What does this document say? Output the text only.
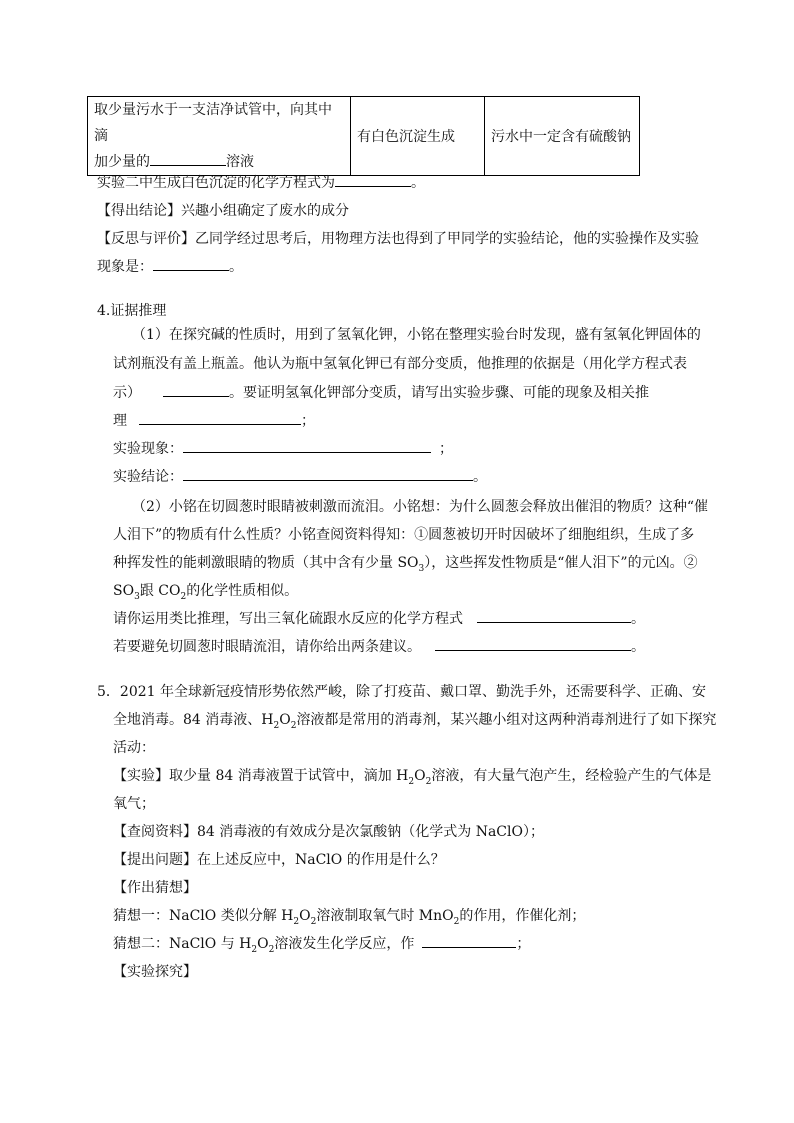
取少量污水于一支洁净试管中，向其中滴
加少量的	溶液
	有白色沉淀生成	污水中一定含有硫酸钠
实验二中生成白色沉淀的化学方程式为	。
【得出结论】兴趣小组确定了废水的成分
【反思与评价】乙同学经过思考后，用物理方法也得到了甲同学的实验结论，他的实验操作及实验
现象是：	。
4.证据推理
（1）在探究碱的性质时，用到了氢氧化钾，小铭在整理实验台时发现，盛有氢氧化钾固体的
试剂瓶没有盖上瓶盖。他认为瓶中氢氧化钾已有部分变质，他推理的依据是（用化学方程式表
示）	。要证明氢氧化钾部分变质，请写出实验步骤、可能的现象及相关推
理	；
实验现象：	；
实验结论：	。
（2）小铭在切圆葱时眼睛被刺激而流泪。小铭想：为什么圆葱会释放出催泪的物质？这种“催
人泪下”的物质有什么性质？小铭查阅资料得知：①圆葱被切开时因破坏了细胞组织，生成了多
种挥发性的能刺激眼睛的物质（其中含有少量 $SO_3$），这些挥发性物质是“催人泪下”的元凶。②
$SO_3$跟 $CO_2$的化学性质相似。
请你运用类比推理，写出三氧化硫跟水反应的化学方程式	。
若要避免切圆葱时眼睛流泪，请你给出两条建议。	。
5．2021 年全球新冠疫情形势依然严峻，除了打疫苗、戴口罩、勤洗手外，还需要科学、正确、安
全地消毒。84 消毒液、$H_2O_2$溶液都是常用的消毒剂，某兴趣小组对这两种消毒剂进行了如下探究
活动：
【实验】取少量 84 消毒液置于试管中，滴加 $H_2O_2$溶液，有大量气泡产生，经检验产生的气体是
氧气；
【查阅资料】84 消毒液的有效成分是次氯酸钠（化学式为 NaClO）；
【提出问题】在上述反应中，NaClO 的作用是什么？
【作出猜想】
猜想一：NaClO 类似分解 $H_2O_2$溶液制取氧气时 MnO$_2$的作用，作催化剂；
猜想二：NaClO 与 $H_2O_2$溶液发生化学反应，作	；
【实验探究】
